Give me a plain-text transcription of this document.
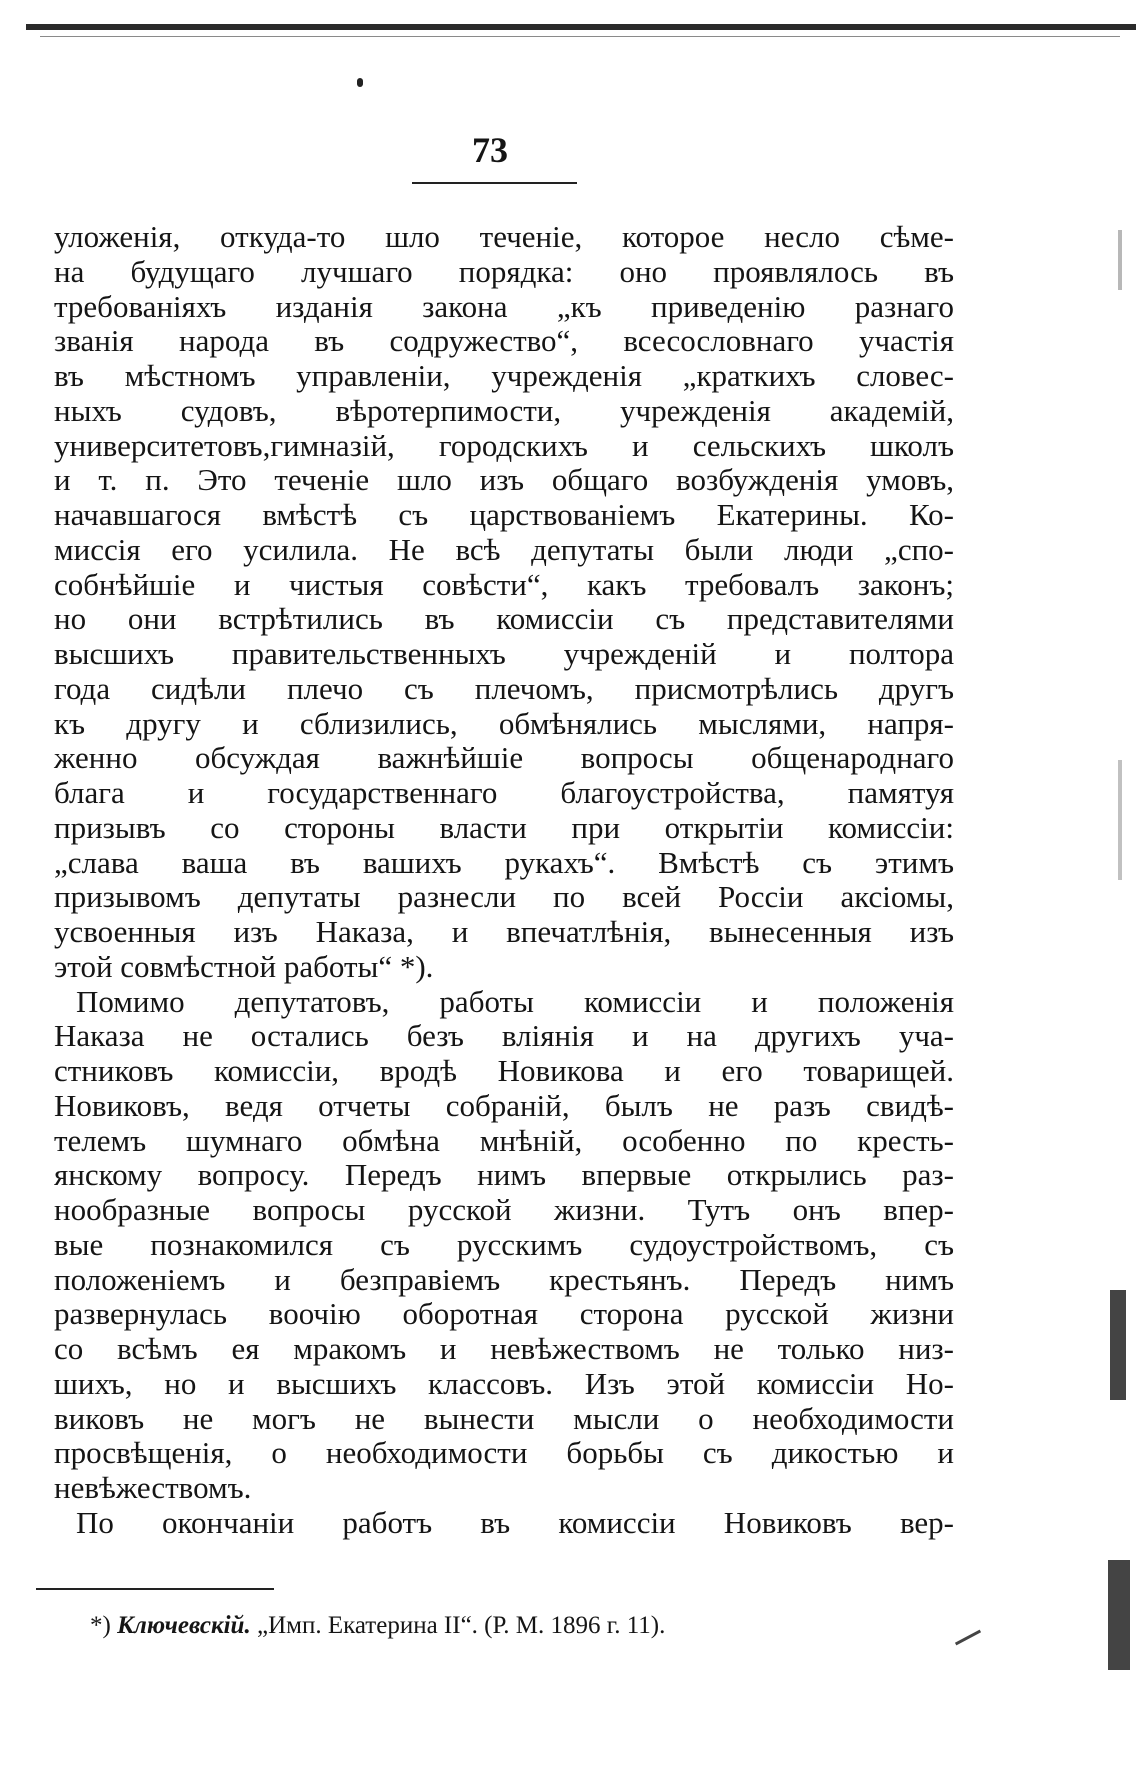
73
уложенія, откуда-то шло теченіе, которое несло сѣме-
на будущаго лучшаго порядка: оно проявлялось въ
требованіяхъ изданія закона „къ приведенію разнаго
званія народа въ содружество“, всесословнаго участія
въ мѣстномъ управленіи, учрежденія „краткихъ словес-
ныхъ судовъ, вѣротерпимости, учрежденія академій,
университетовъ,гимназій, городскихъ и сельскихъ школъ
и т. п. Это теченіе шло изъ общаго возбужденія умовъ,
начавшагося вмѣстѣ съ царствованіемъ Екатерины. Ко-
миссія его усилила. Не всѣ депутаты были люди „спо-
собнѣйшіе и чистыя совѣсти“, какъ требовалъ законъ;
но они встрѣтились въ комиссіи съ представителями
высшихъ правительственныхъ учрежденій и полтора
года сидѣли плечо съ плечомъ, присмотрѣлись другъ
къ другу и сблизились, обмѣнялись мыслями, напря-
женно обсуждая важнѣйшіе вопросы общенароднаго
блага и государственнаго благоустройства, памятуя
призывъ со стороны власти при открытіи комиссіи:
„слава ваша въ вашихъ рукахъ“. Вмѣстѣ съ этимъ
призывомъ депутаты разнесли по всей Россіи аксіомы,
усвоенныя изъ Наказа, и впечатлѣнія, вынесенныя изъ
этой совмѣстной работы“ *).
Помимо депутатовъ, работы комиссіи и положенія
Наказа не остались безъ вліянія и на другихъ уча-
стниковъ комиссіи, вродѣ Новикова и его товарищей.
Новиковъ, ведя отчеты собраній, былъ не разъ свидѣ-
телемъ шумнаго обмѣна мнѣній, особенно по кресть-
янскому вопросу. Передъ нимъ впервые открылись раз-
нообразные вопросы русской жизни. Тутъ онъ впер-
вые познакомился съ русскимъ судоустройствомъ, съ
положеніемъ и безправіемъ крестьянъ. Передъ нимъ
развернулась воочію оборотная сторона русской жизни
со всѣмъ ея мракомъ и невѣжествомъ не только низ-
шихъ, но и высшихъ классовъ. Изъ этой комиссіи Но-
виковъ не могъ не вынести мысли о необходимости
просвѣщенія, о необходимости борьбы съ дикостью и
невѣжествомъ.
По окончаніи работъ въ комиссіи Новиковъ вер-
*) Ключевскій. „Имп. Екатерина II“. (Р. М. 1896 г. 11).
